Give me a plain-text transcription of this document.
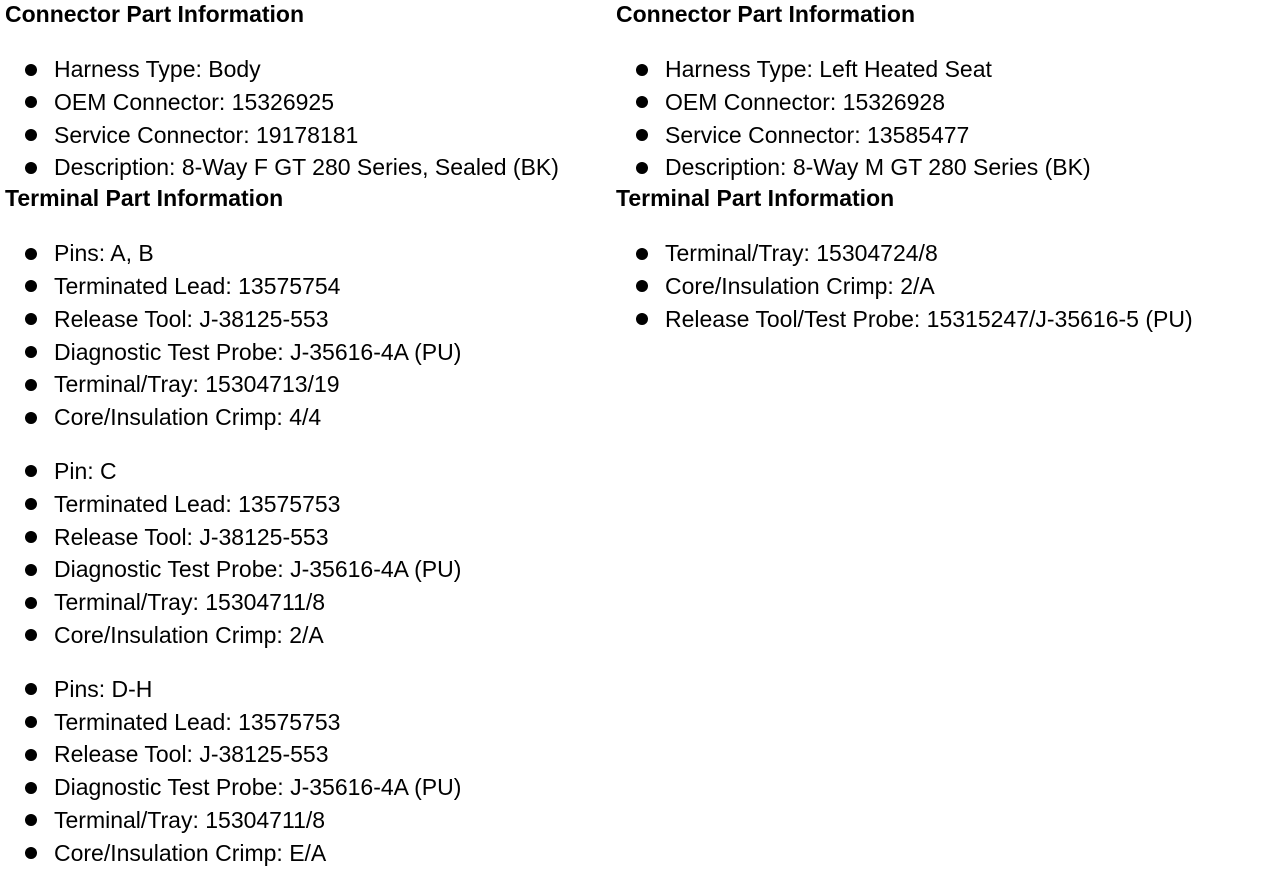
Connector Part Information
Harness Type: Body
OEM Connector: 15326925
Service Connector: 19178181
Description: 8-Way F GT 280 Series, Sealed (BK)
Terminal Part Information
Pins: A, B
Terminated Lead: 13575754
Release Tool: J-38125-553
Diagnostic Test Probe: J-35616-4A (PU)
Terminal/Tray: 15304713/19
Core/Insulation Crimp: 4/4
Pin: C
Terminated Lead: 13575753
Release Tool: J-38125-553
Diagnostic Test Probe: J-35616-4A (PU)
Terminal/Tray: 15304711/8
Core/Insulation Crimp: 2/A
Pins: D-H
Terminated Lead: 13575753
Release Tool: J-38125-553
Diagnostic Test Probe: J-35616-4A (PU)
Terminal/Tray: 15304711/8
Core/Insulation Crimp: E/A
Connector Part Information
Harness Type: Left Heated Seat
OEM Connector: 15326928
Service Connector: 13585477
Description: 8-Way M GT 280 Series (BK)
Terminal Part Information
Terminal/Tray: 15304724/8
Core/Insulation Crimp: 2/A
Release Tool/Test Probe: 15315247/J-35616-5 (PU)
